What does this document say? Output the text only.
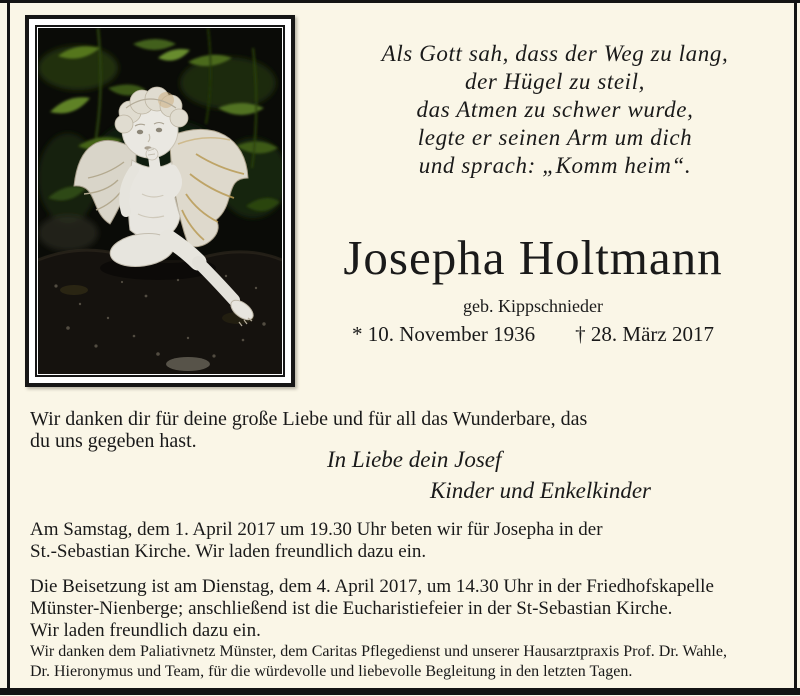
Als Gott sah, dass der Weg zu lang,
der Hügel zu steil,
das Atmen zu schwer wurde,
legte er seinen Arm um dich
und sprach: „Komm heim“.
Josepha Holtmann
geb. Kippschnieder
* 10. November 1936 † 28. März 2017
Wir danken dir für deine große Liebe und für all das Wunderbare, das
du uns gegeben hast.
In Liebe dein Josef
Kinder und Enkelkinder
Am Samstag, dem 1. April 2017 um 19.30 Uhr beten wir für Josepha in der
St.-Sebastian Kirche. Wir laden freundlich dazu ein.
Die Beisetzung ist am Dienstag, dem 4. April 2017, um 14.30 Uhr in der Friedhofskapelle
Münster-Nienberge; anschließend ist die Eucharistiefeier in der St-Sebastian Kirche.
Wir laden freundlich dazu ein.
Wir danken dem Paliativnetz Münster, dem Caritas Pflegedienst und unserer Hausarztpraxis Prof. Dr. Wahle,
Dr. Hieronymus und Team, für die würdevolle und liebevolle Begleitung in den letzten Tagen.
